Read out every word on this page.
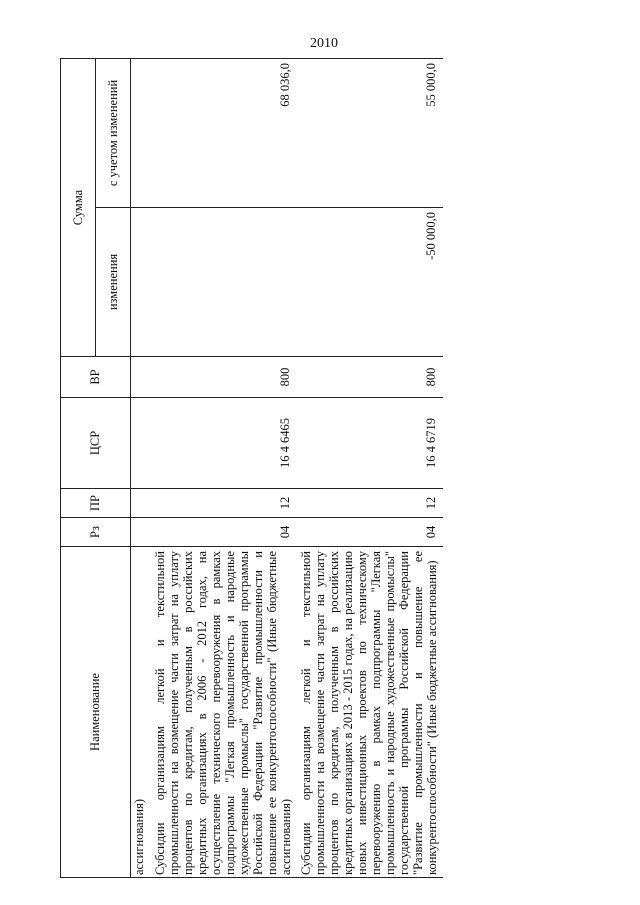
2010
Наименование	Рз	ПР	ЦСР	ВР	Сумма	
					изменения	с учетом изменений
ассигнования)						
Субсидии организациям легкой и текстильной промышленности на возмещение части затрат на уплату процентов по кредитам, полученным в российских кредитных организациях в 2006 - 2012 годах, на осуществление технического перевооружения в рамках подпрограммы "Легкая промышленность и народные художественные промыслы" государственной программы Российской Федерации "Развитие промышленности и повышение ее конкурентоспособности" (Иные бюджетные ассигнования)	04	12	16 4 6465	800		68 036,0
Субсидии организациям легкой и текстильной промышленности на возмещение части затрат на уплату процентов по кредитам, полученным в российских кредитных организациях в 2013 - 2015 годах, на реализацию новых инвестиционных проектов по техническому перевооружению в рамках подпрограммы "Легкая промышленность и народные художественные промыслы" государственной программы Российской Федерации "Развитие промышленности и повышение ее конкурентоспособности" (Иные бюджетные ассигнования)	04	12	16 4 6719	800	-50 000,0	55 000,0
